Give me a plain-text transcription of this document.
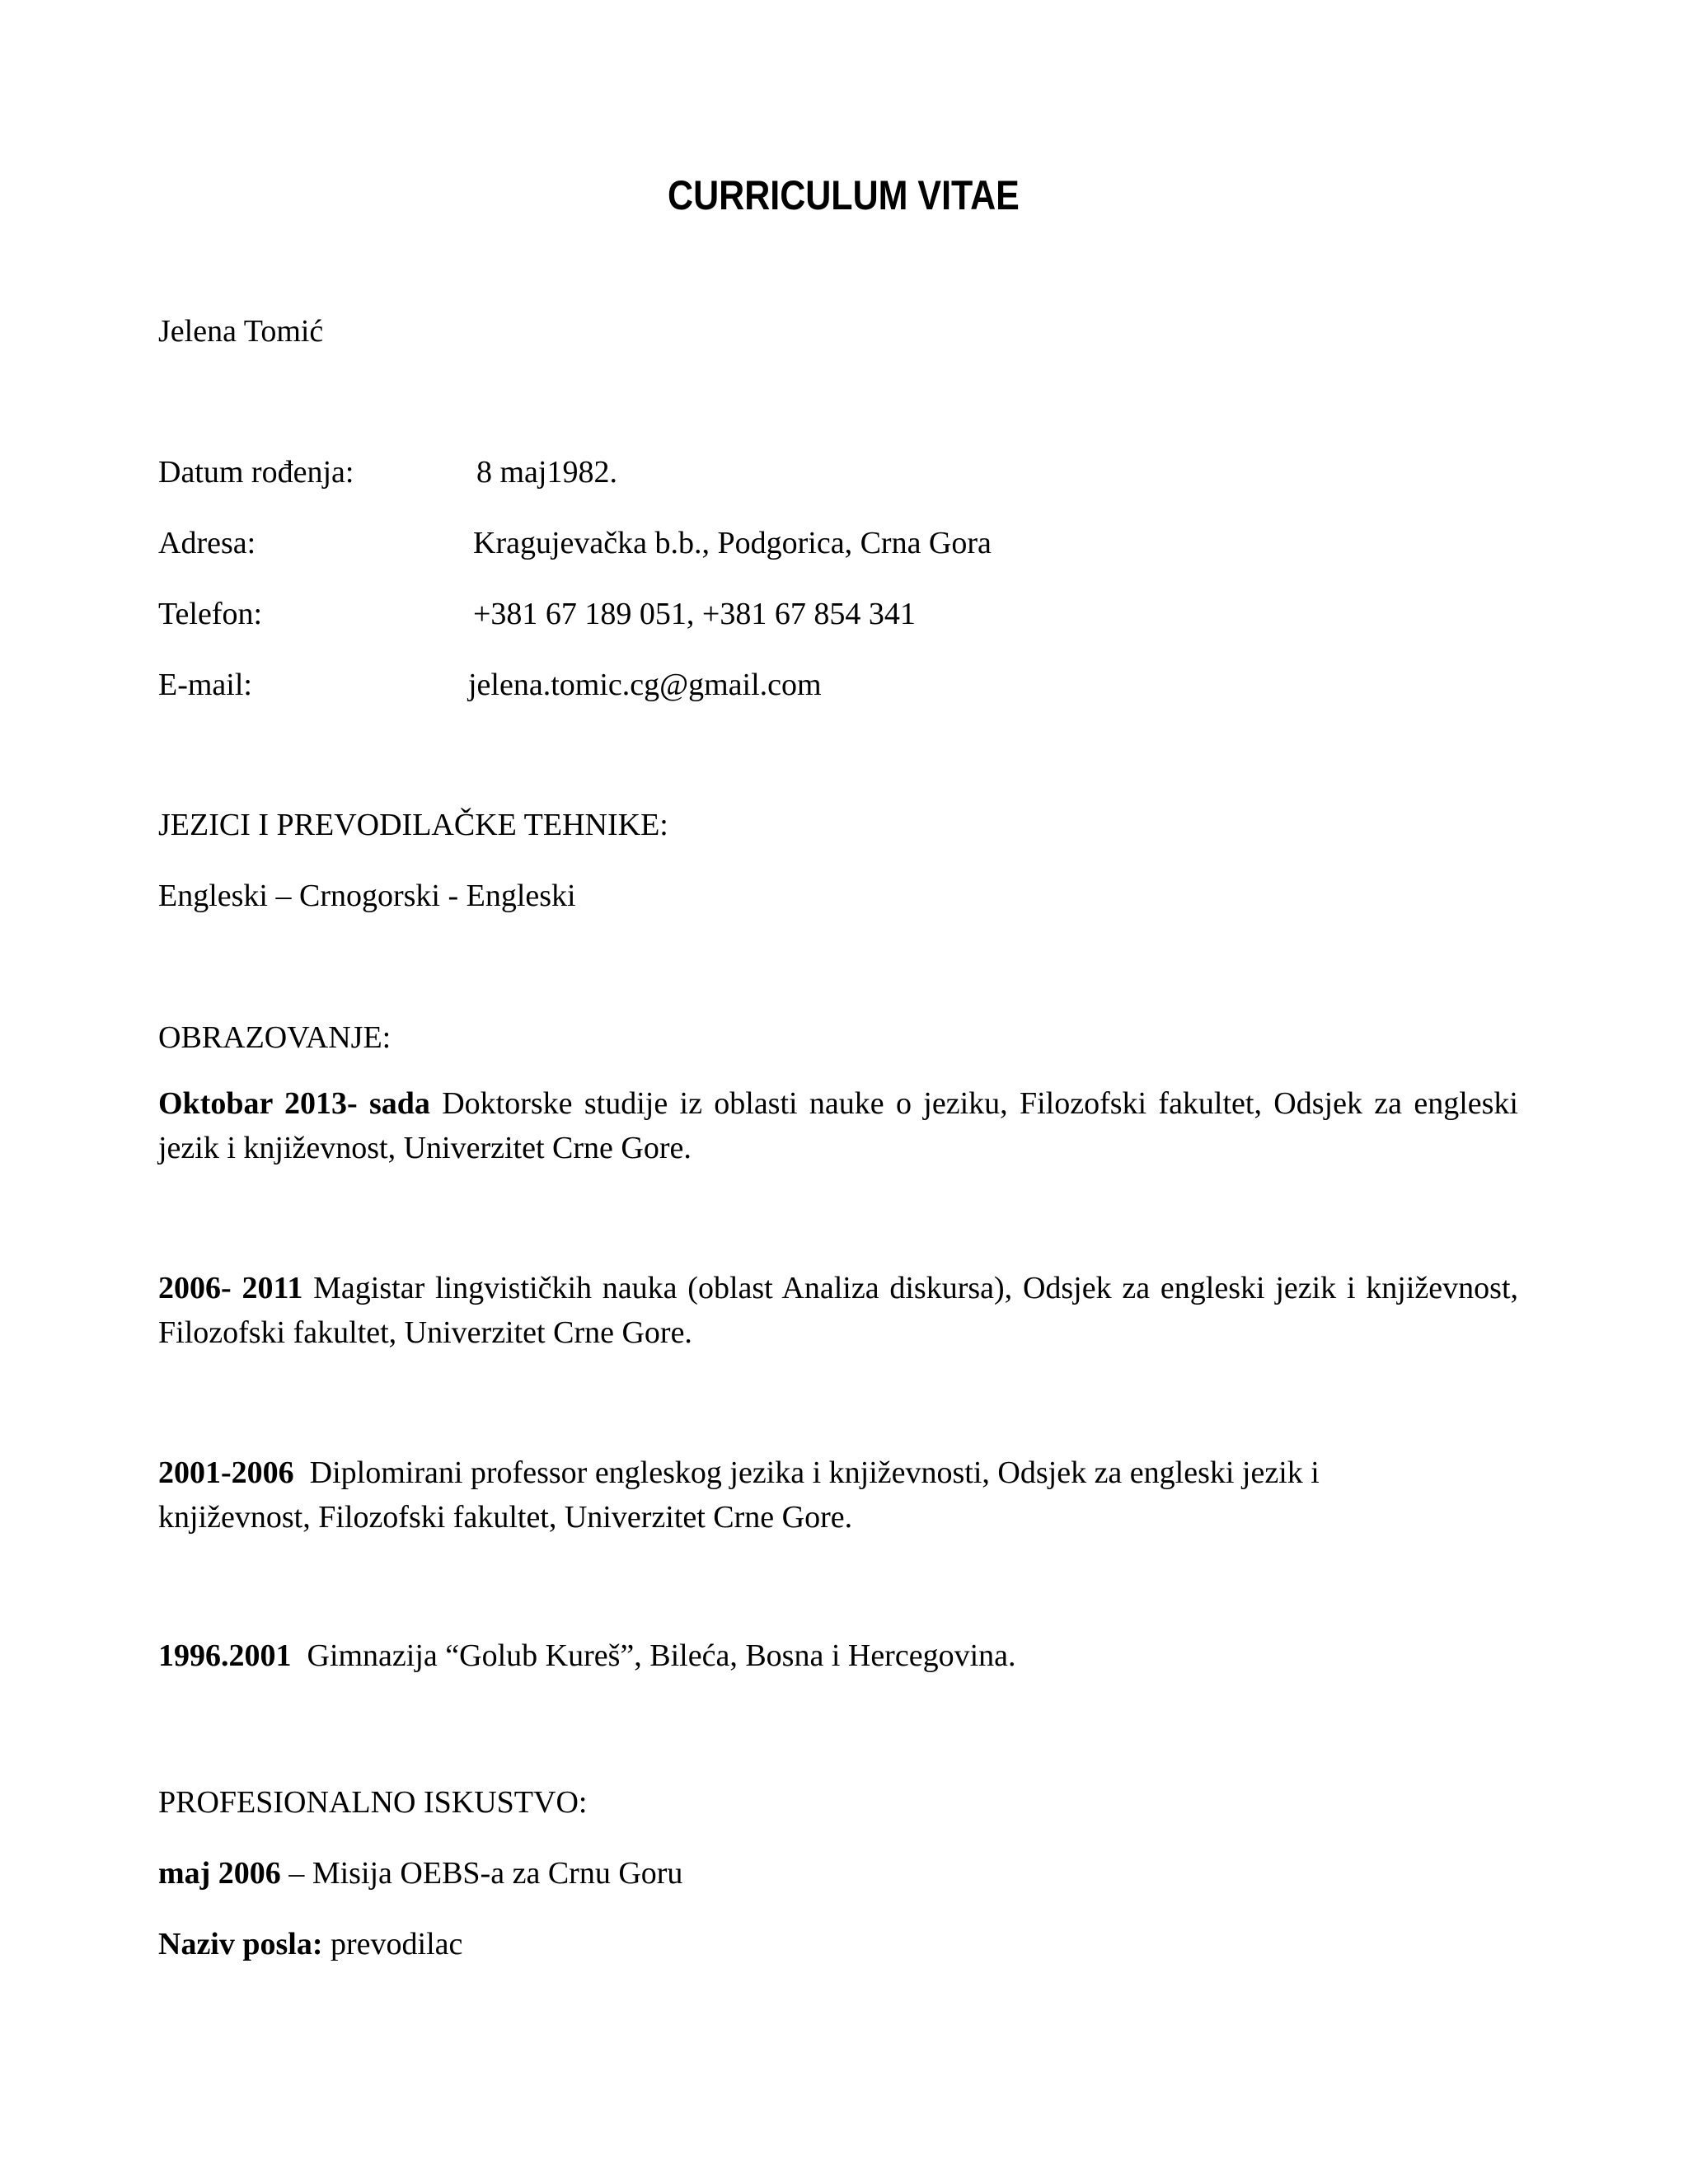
CURRICULUM VITAE
Jelena Tomić
Datum rođenja:	8 maj1982.
Adresa:	Kragujevačka b.b., Podgorica, Crna Gora
Telefon:	+381 67 189 051, +381 67 854 341
E-mail:	jelena.tomic.cg@gmail.com
JEZICI I PREVODILAČKE TEHNIKE:
Engleski – Crnogorski - Engleski
OBRAZOVANJE:
Oktobar 2013- sada Doktorske studije iz oblasti nauke o jeziku, Filozofski fakultet, Odsjek za engleski jezik i književnost, Univerzitet Crne Gore.
2006- 2011 Magistar lingvističkih nauka (oblast Analiza diskursa), Odsjek za engleski jezik i književnost, Filozofski fakultet, Univerzitet Crne Gore.
2001-2006 Diplomirani professor engleskog jezika i književnosti, Odsjek za engleski jezik i književnost, Filozofski fakultet, Univerzitet Crne Gore.
1996.2001 Gimnazija “Golub Kureš”, Bileća, Bosna i Hercegovina.
PROFESIONALNO ISKUSTVO:
maj 2006 – Misija OEBS-a za Crnu Goru
Naziv posla: prevodilac
